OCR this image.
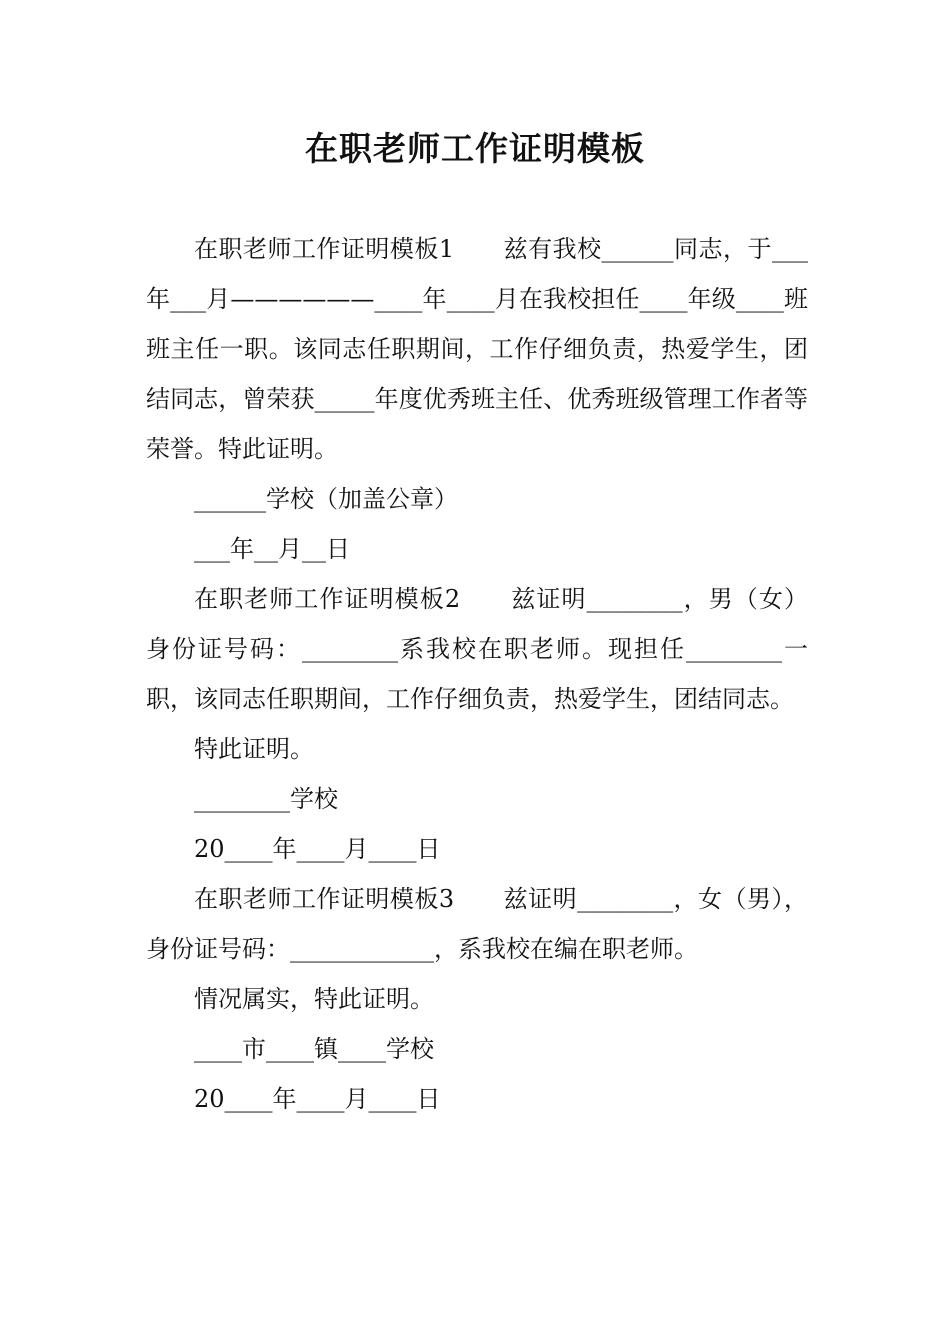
在职老师工作证明模板

在职老师工作证明模板1　　兹有我校______同志，于___年___月——————____年____月在我校担任____年级____班班主任一职。该同志任职期间，工作仔细负责，热爱学生，团结同志，曾荣获_____年度优秀班主任、优秀班级管理工作者等荣誉。特此证明。

______学校（加盖公章）

___年__月__日

在职老师工作证明模板2　　兹证明________，男（女）身份证号码：________系我校在职老师。现担任________一职，该同志任职期间，工作仔细负责，热爱学生，团结同志。

特此证明。

________学校

20____年____月____日

在职老师工作证明模板3　　兹证明________，女（男），身份证号码：____________，系我校在编在职老师。

情况属实，特此证明。

____市____镇____学校

20____年____月____日
